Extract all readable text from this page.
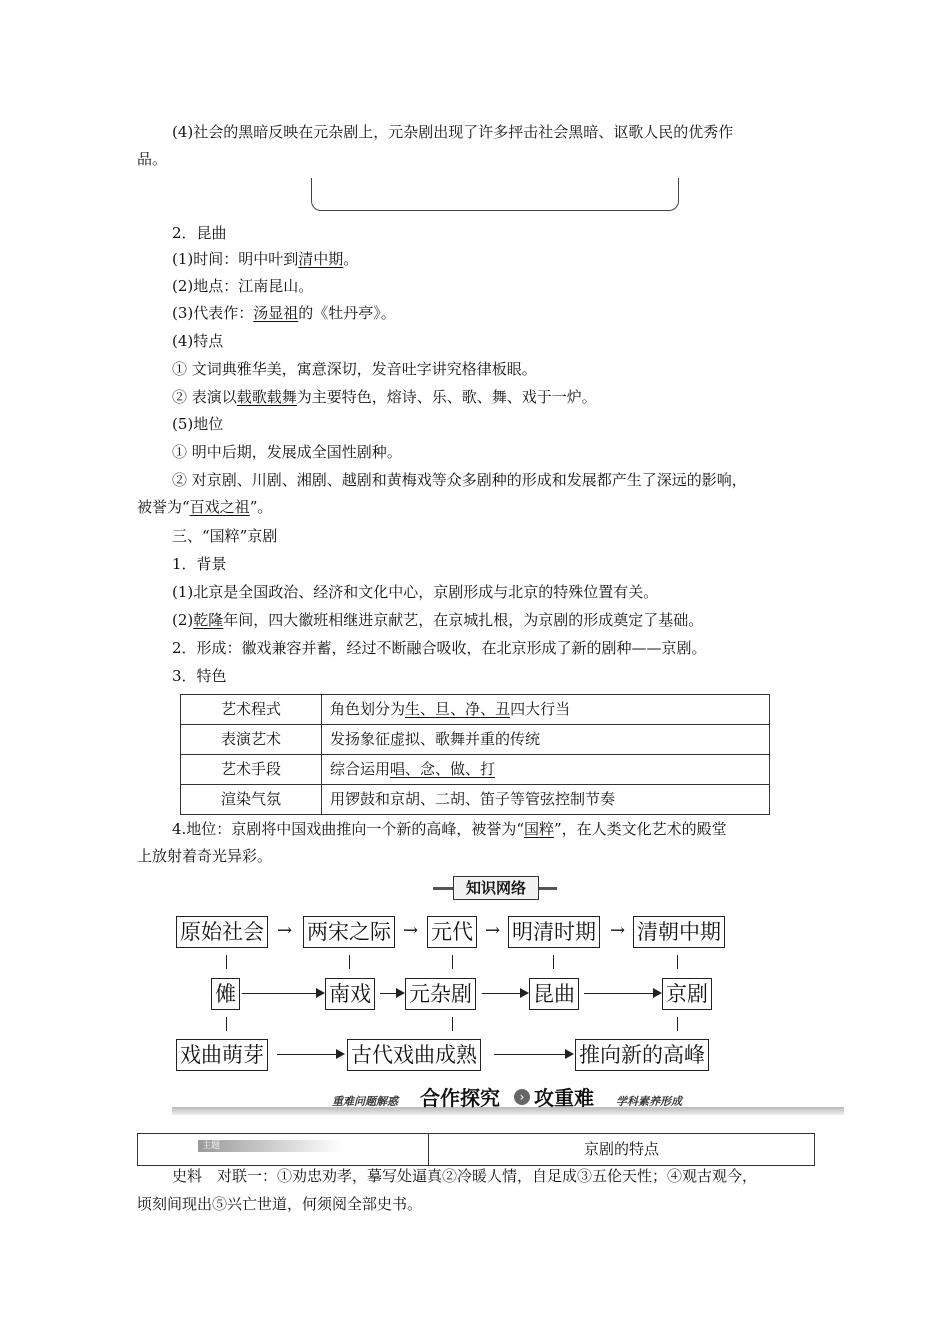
(4)社会的黑暗反映在元杂剧上，元杂剧出现了许多抨击社会黑暗、讴歌人民的优秀作
品。
2．昆曲
(1)时间：明中叶到清中期。
(2)地点：江南昆山。
(3)代表作：汤显祖的《牡丹亭》。
(4)特点
① 文词典雅华美，寓意深切，发音吐字讲究格律板眼。
② 表演以载歌载舞为主要特色，熔诗、乐、歌、舞、戏于一炉。
(5)地位
① 明中后期，发展成全国性剧种。
② 对京剧、川剧、湘剧、越剧和黄梅戏等众多剧种的形成和发展都产生了深远的影响，
被誉为“百戏之祖”。
三、“国粹”京剧
1．背景
(1)北京是全国政治、经济和文化中心，京剧形成与北京的特殊位置有关。
(2)乾隆年间，四大徽班相继进京献艺，在京城扎根，为京剧的形成奠定了基础。
2．形成：徽戏兼容并蓄，经过不断融合吸收，在北京形成了新的剧种——京剧。
3．特色
艺术程式	角色划分为生、旦、净、丑四大行当
表演艺术	发扬象征虚拟、歌舞并重的传统
艺术手段	综合运用唱、念、做、打
渲染气氛	用锣鼓和京胡、二胡、笛子等管弦控制节奏
4.地位：京剧将中国戏曲推向一个新的高峰，被誉为“国粹”，在人类文化艺术的殿堂
上放射着奇光异彩。
知识网络
原始社会 → 两宋之际 → 元代 → 明清时期 → 清朝中期
傩	南戏 元杂剧	昆曲	京剧
戏曲萌芽	古代戏曲成熟	推向新的高峰
重难问题解惑 合作探究	› 攻重难 学科素养形成
主题	京剧的特点
史料　对联一：①劝忠劝孝，摹写处逼真②冷暖人情，自足成③五伦天性；④观古观今，
顷刻间现出⑤兴亡世道，何须阅全部史书。
